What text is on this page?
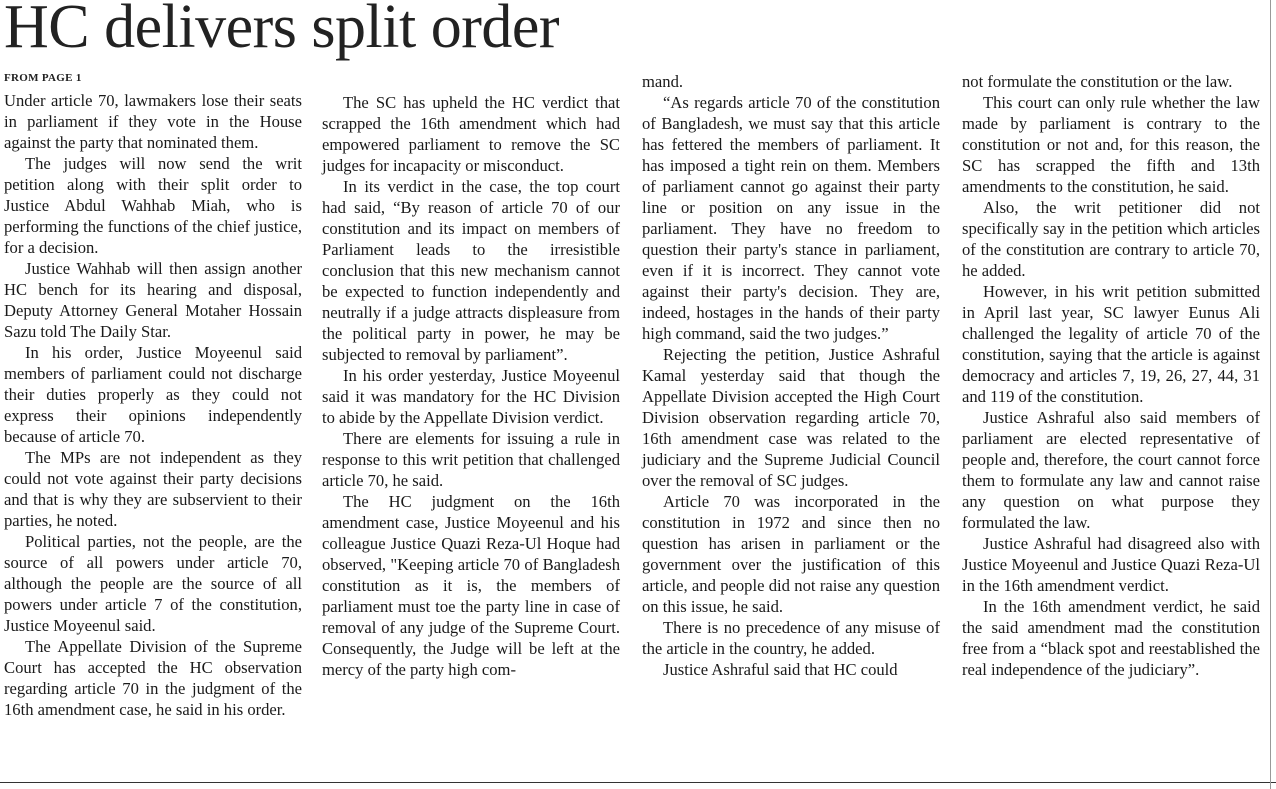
HC delivers split order
FROM PAGE 1

Under article 70, lawmakers lose their seats in parliament if they vote in the House against the party that nominated them.

The judges will now send the writ petition along with their split order to Justice Abdul Wahhab Miah, who is performing the functions of the chief justice, for a decision.

Justice Wahhab will then assign another HC bench for its hearing and disposal, Deputy Attorney General Motaher Hossain Sazu told The Daily Star.

In his order, Justice Moyeenul said members of parliament could not discharge their duties properly as they could not express their opinions independently because of article 70.

The MPs are not independent as they could not vote against their party decisions and that is why they are subservient to their parties, he noted.

Political parties, not the people, are the source of all powers under article 70, although the people are the source of all powers under article 7 of the constitution, Justice Moyeenul said.

The Appellate Division of the Supreme Court has accepted the HC observation regarding article 70 in the judgment of the 16th amendment case, he said in his order.

The SC has upheld the HC verdict that scrapped the 16th amendment which had empowered parliament to remove the SC judges for incapacity or misconduct.

In its verdict in the case, the top court had said, “By reason of article 70 of our constitution and its impact on members of Parliament leads to the irresistible conclusion that this new mechanism cannot be expected to function independently and neutrally if a judge attracts displeasure from the political party in power, he may be subjected to removal by parliament”.

In his order yesterday, Justice Moyeenul said it was mandatory for the HC Division to abide by the Appellate Division verdict.

There are elements for issuing a rule in response to this writ petition that challenged article 70, he said.

The HC judgment on the 16th amendment case, Justice Moyeenul and his colleague Justice Quazi Reza-Ul Hoque had observed, "Keeping article 70 of Bangladesh constitution as it is, the members of parliament must toe the party line in case of removal of any judge of the Supreme Court. Consequently, the Judge will be left at the mercy of the party high com-

mand.

“As regards article 70 of the constitution of Bangladesh, we must say that this article has fettered the members of parliament. It has imposed a tight rein on them. Members of parliament cannot go against their party line or position on any issue in the parliament. They have no freedom to question their party's stance in parliament, even if it is incorrect. They cannot vote against their party's decision. They are, indeed, hostages in the hands of their party high command, said the two judges.”

Rejecting the petition, Justice Ashraful Kamal yesterday said that though the Appellate Division accepted the High Court Division observation regarding article 70, 16th amendment case was related to the judiciary and the Supreme Judicial Council over the removal of SC judges.

Article 70 was incorporated in the constitution in 1972 and since then no question has arisen in parliament or the government over the justification of this article, and people did not raise any question on this issue, he said.

There is no precedence of any misuse of the article in the country, he added.

Justice Ashraful said that HC could

not formulate the constitution or the law.

This court can only rule whether the law made by parliament is contrary to the constitution or not and, for this reason, the SC has scrapped the fifth and 13th amendments to the constitution, he said.

Also, the writ petitioner did not specifically say in the petition which articles of the constitution are contrary to article 70, he added.

However, in his writ petition submitted in April last year, SC lawyer Eunus Ali challenged the legality of article 70 of the constitution, saying that the article is against democracy and articles 7, 19, 26, 27, 44, 31 and 119 of the constitution.

Justice Ashraful also said members of parliament are elected representative of people and, therefore, the court cannot force them to formulate any law and cannot raise any question on what purpose they formulated the law.

Justice Ashraful had disagreed also with Justice Moyeenul and Justice Quazi Reza-Ul in the 16th amendment verdict.

In the 16th amendment verdict, he said the said amendment mad the constitution free from a “black spot and reestablished the real independence of the judiciary”.
